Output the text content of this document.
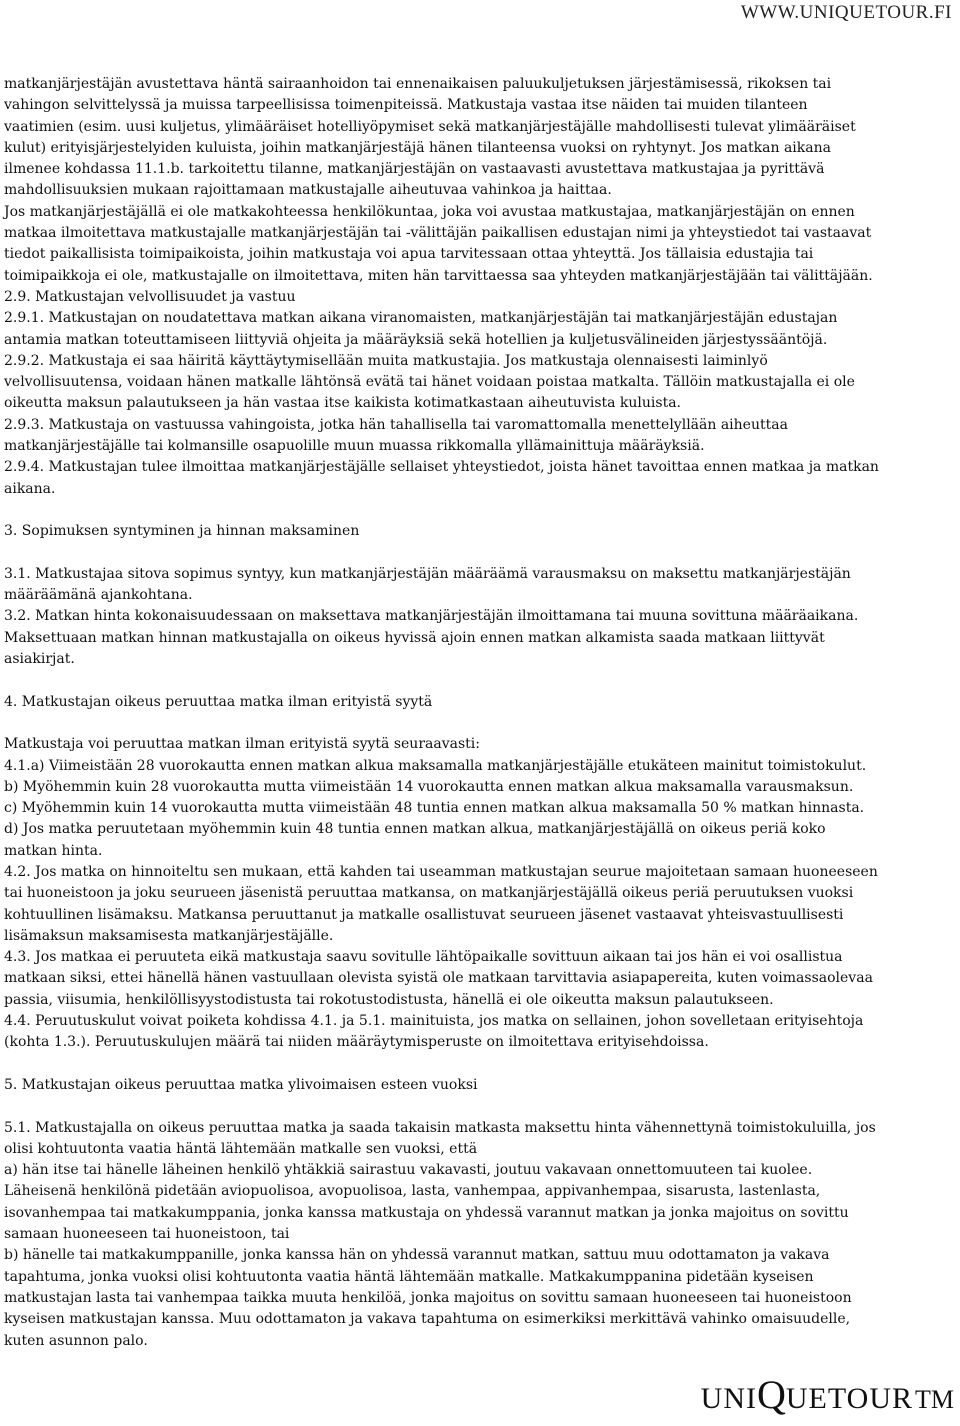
WWW.UNIQUETOUR.FI
matkanjärjestäjän avustettava häntä sairaanhoidon tai ennenaikaisen paluukuljetuksen järjestämisessä, rikoksen tai
vahingon selvittelyssä ja muissa tarpeellisissa toimenpiteissä. Matkustaja vastaa itse näiden tai muiden tilanteen
vaatimien (esim. uusi kuljetus, ylimääräiset hotelliyöpymiset sekä matkanjärjestäjälle mahdollisesti tulevat ylimääräiset
kulut) erityisjärjestelyiden kuluista, joihin matkanjärjestäjä hänen tilanteensa vuoksi on ryhtynyt. Jos matkan aikana
ilmenee kohdassa 11.1.b. tarkoitettu tilanne, matkanjärjestäjän on vastaavasti avustettava matkustajaa ja pyrittävä
mahdollisuuksien mukaan rajoittamaan matkustajalle aiheutuvaa vahinkoa ja haittaa.
Jos matkanjärjestäjällä ei ole matkakohteessa henkilökuntaa, joka voi avustaa matkustajaa, matkanjärjestäjän on ennen
matkaa ilmoitettava matkustajalle matkanjärjestäjän tai -välittäjän paikallisen edustajan nimi ja yhteystiedot tai vastaavat
tiedot paikallisista toimipaikoista, joihin matkustaja voi apua tarvitessaan ottaa yhteyttä. Jos tällaisia edustajia tai
toimipaikkoja ei ole, matkustajalle on ilmoitettava, miten hän tarvittaessa saa yhteyden matkanjärjestäjään tai välittäjään.
2.9. Matkustajan velvollisuudet ja vastuu
2.9.1. Matkustajan on noudatettava matkan aikana viranomaisten, matkanjärjestäjän tai matkanjärjestäjän edustajan
antamia matkan toteuttamiseen liittyviä ohjeita ja määräyksiä sekä hotellien ja kuljetusvälineiden järjestyssääntöjä.
2.9.2. Matkustaja ei saa häiritä käyttäytymisellään muita matkustajia. Jos matkustaja olennaisesti laiminlyö
velvollisuutensa, voidaan hänen matkalle lähtönsä evätä tai hänet voidaan poistaa matkalta. Tällöin matkustajalla ei ole
oikeutta maksun palautukseen ja hän vastaa itse kaikista kotimatkastaan aiheutuvista kuluista.
2.9.3. Matkustaja on vastuussa vahingoista, jotka hän tahallisella tai varomattomalla menettelyllään aiheuttaa
matkanjärjestäjälle tai kolmansille osapuolille muun muassa rikkomalla yllämainittuja määräyksiä.
2.9.4. Matkustajan tulee ilmoittaa matkanjärjestäjälle sellaiset yhteystiedot, joista hänet tavoittaa ennen matkaa ja matkan
aikana.
3. Sopimuksen syntyminen ja hinnan maksaminen
3.1. Matkustajaa sitova sopimus syntyy, kun matkanjärjestäjän määräämä varausmaksu on maksettu matkanjärjestäjän
määräämänä ajankohtana.
3.2. Matkan hinta kokonaisuudessaan on maksettava matkanjärjestäjän ilmoittamana tai muuna sovittuna määräaikana.
Maksettuaan matkan hinnan matkustajalla on oikeus hyvissä ajoin ennen matkan alkamista saada matkaan liittyvät
asiakirjat.
4. Matkustajan oikeus peruuttaa matka ilman erityistä syytä
Matkustaja voi peruuttaa matkan ilman erityistä syytä seuraavasti:
4.1.a) Viimeistään 28 vuorokautta ennen matkan alkua maksamalla matkanjärjestäjälle etukäteen mainitut toimistokulut.
b) Myöhemmin kuin 28 vuorokautta mutta viimeistään 14 vuorokautta ennen matkan alkua maksamalla varausmaksun.
c) Myöhemmin kuin 14 vuorokautta mutta viimeistään 48 tuntia ennen matkan alkua maksamalla 50 % matkan hinnasta.
d) Jos matka peruutetaan myöhemmin kuin 48 tuntia ennen matkan alkua, matkanjärjestäjällä on oikeus periä koko
matkan hinta.
4.2. Jos matka on hinnoiteltu sen mukaan, että kahden tai useamman matkustajan seurue majoitetaan samaan huoneeseen
tai huoneistoon ja joku seurueen jäsenistä peruuttaa matkansa, on matkanjärjestäjällä oikeus periä peruutuksen vuoksi
kohtuullinen lisämaksu. Matkansa peruuttanut ja matkalle osallistuvat seurueen jäsenet vastaavat yhteisvastuullisesti
lisämaksun maksamisesta matkanjärjestäjälle.
4.3. Jos matkaa ei peruuteta eikä matkustaja saavu sovitulle lähtöpaikalle sovittuun aikaan tai jos hän ei voi osallistua
matkaan siksi, ettei hänellä hänen vastuullaan olevista syistä ole matkaan tarvittavia asiapapereita, kuten voimassaolevaa
passia, viisumia, henkilöllisyystodistusta tai rokotustodistusta, hänellä ei ole oikeutta maksun palautukseen.
4.4. Peruutuskulut voivat poiketa kohdissa 4.1. ja 5.1. mainituista, jos matka on sellainen, johon sovelletaan erityisehtoja
(kohta 1.3.). Peruutuskulujen määrä tai niiden määräytymisperuste on ilmoitettava erityisehdoissa.
5. Matkustajan oikeus peruuttaa matka ylivoimaisen esteen vuoksi
5.1. Matkustajalla on oikeus peruuttaa matka ja saada takaisin matkasta maksettu hinta vähennettynä toimistokuluilla, jos
olisi kohtuutonta vaatia häntä lähtemään matkalle sen vuoksi, että
a) hän itse tai hänelle läheinen henkilö yhtäkkiä sairastuu vakavasti, joutuu vakavaan onnettomuuteen tai kuolee.
Läheisenä henkilönä pidetään aviopuolisoa, avopuolisoa, lasta, vanhempaa, appivanhempaa, sisarusta, lastenlasta,
isovanhempaa tai matkakumppania, jonka kanssa matkustaja on yhdessä varannut matkan ja jonka majoitus on sovittu
samaan huoneeseen tai huoneistoon, tai
b) hänelle tai matkakumppanille, jonka kanssa hän on yhdessä varannut matkan, sattuu muu odottamaton ja vakava
tapahtuma, jonka vuoksi olisi kohtuutonta vaatia häntä lähtemään matkalle. Matkakumppanina pidetään kyseisen
matkustajan lasta tai vanhempaa taikka muuta henkilöä, jonka majoitus on sovittu samaan huoneeseen tai huoneistoon
kyseisen matkustajan kanssa. Muu odottamaton ja vakava tapahtuma on esimerkiksi merkittävä vahinko omaisuudelle,
kuten asunnon palo.
UNI Q UETOUR TM
